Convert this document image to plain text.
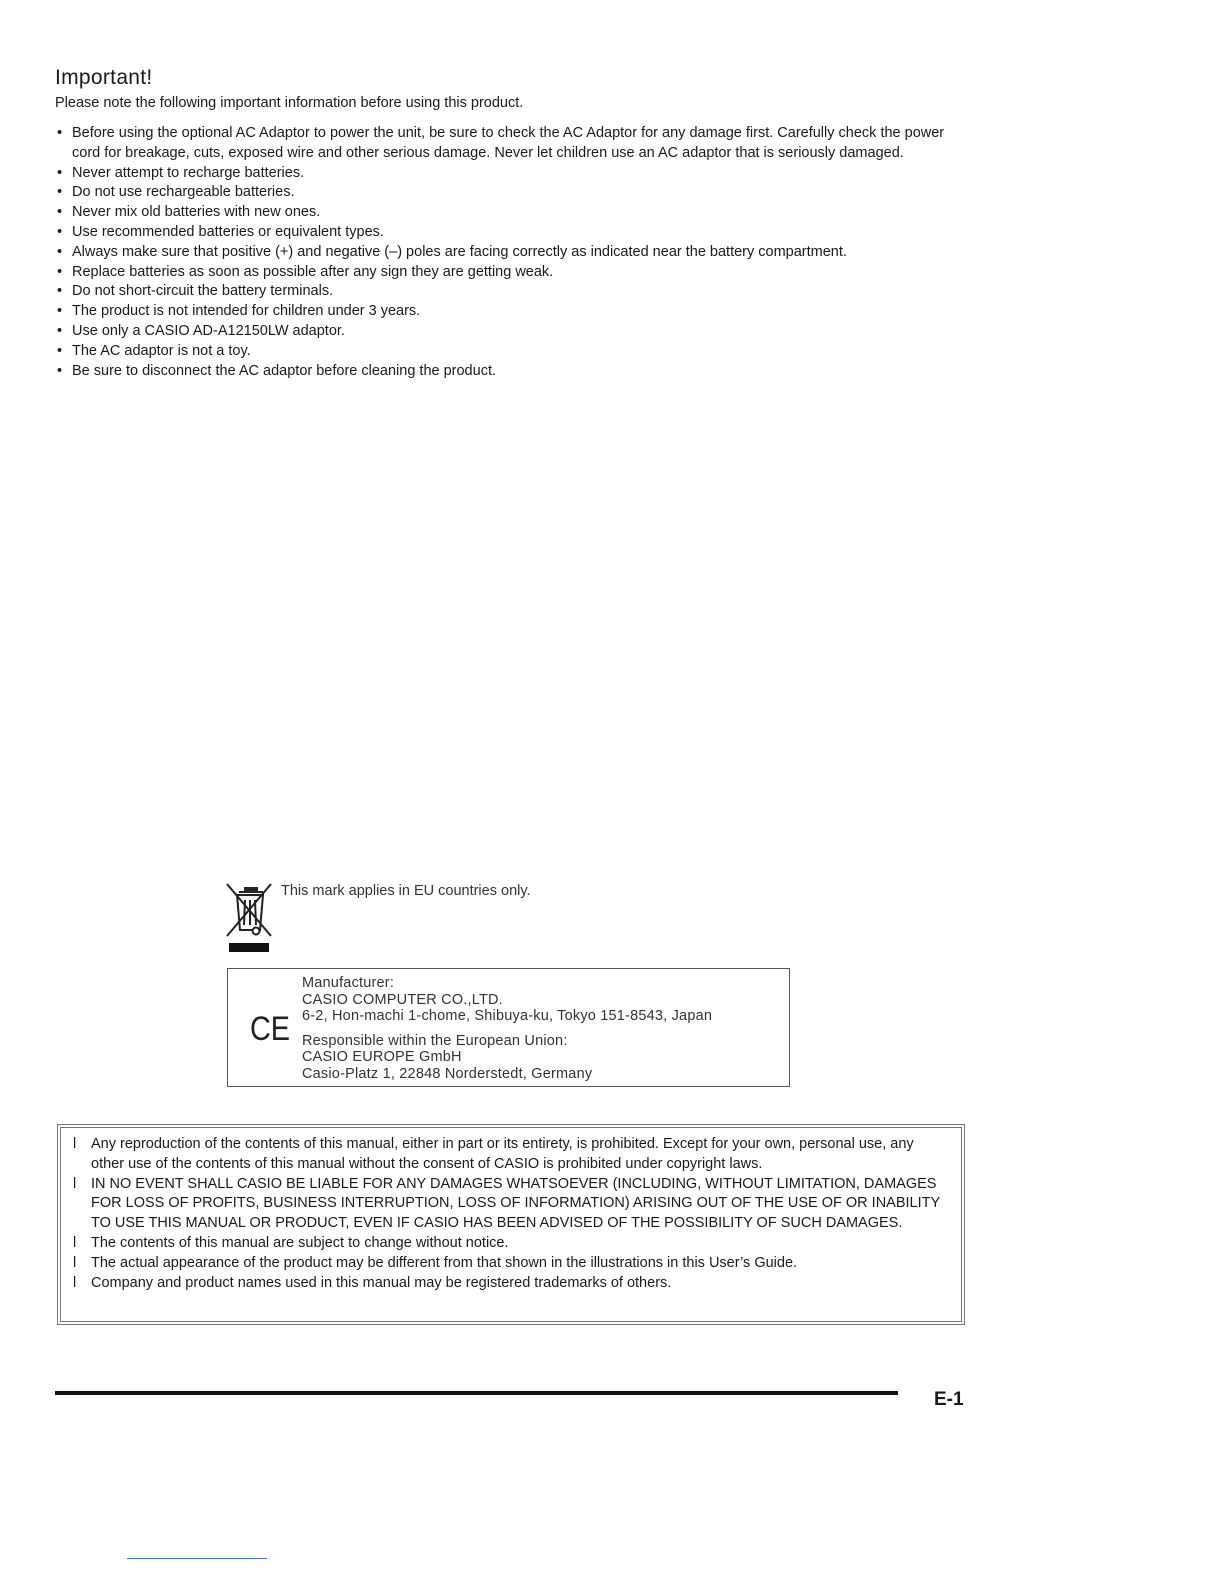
Important!

Please note the following important information before using this product.

• Before using the optional AC Adaptor to power the unit, be sure to check the AC Adaptor for any damage first. Carefully check the power cord for breakage, cuts, exposed wire and other serious damage. Never let children use an AC adaptor that is seriously damaged.
• Never attempt to recharge batteries.
• Do not use rechargeable batteries.
• Never mix old batteries with new ones.
• Use recommended batteries or equivalent types.
• Always make sure that positive (+) and negative (–) poles are facing correctly as indicated near the battery compartment.
• Replace batteries as soon as possible after any sign they are getting weak.
• Do not short-circuit the battery terminals.
• The product is not intended for children under 3 years.
• Use only a CASIO AD-A12150LW adaptor.
• The AC adaptor is not a toy.
• Be sure to disconnect the AC adaptor before cleaning the product.

This mark applies in EU countries only.

CE
Manufacturer:
CASIO COMPUTER CO.,LTD.
6-2, Hon-machi 1-chome, Shibuya-ku, Tokyo 151-8543, Japan
Responsible within the European Union:
CASIO EUROPE GmbH
Casio-Platz 1, 22848 Norderstedt, Germany
l Any reproduction of the contents of this manual, either in part or its entirety, is prohibited. Except for your own, personal use, any other use of the contents of this manual without the consent of CASIO is prohibited under copyright laws.
l IN NO EVENT SHALL CASIO BE LIABLE FOR ANY DAMAGES WHATSOEVER (INCLUDING, WITHOUT LIMITATION, DAMAGES FOR LOSS OF PROFITS, BUSINESS INTERRUPTION, LOSS OF INFORMATION) ARISING OUT OF THE USE OF OR INABILITY TO USE THIS MANUAL OR PRODUCT, EVEN IF CASIO HAS BEEN ADVISED OF THE POSSIBILITY OF SUCH DAMAGES.
l The contents of this manual are subject to change without notice.
l The actual appearance of the product may be different from that shown in the illustrations in this User’s Guide.
l Company and product names used in this manual may be registered trademarks of others.

E-1
